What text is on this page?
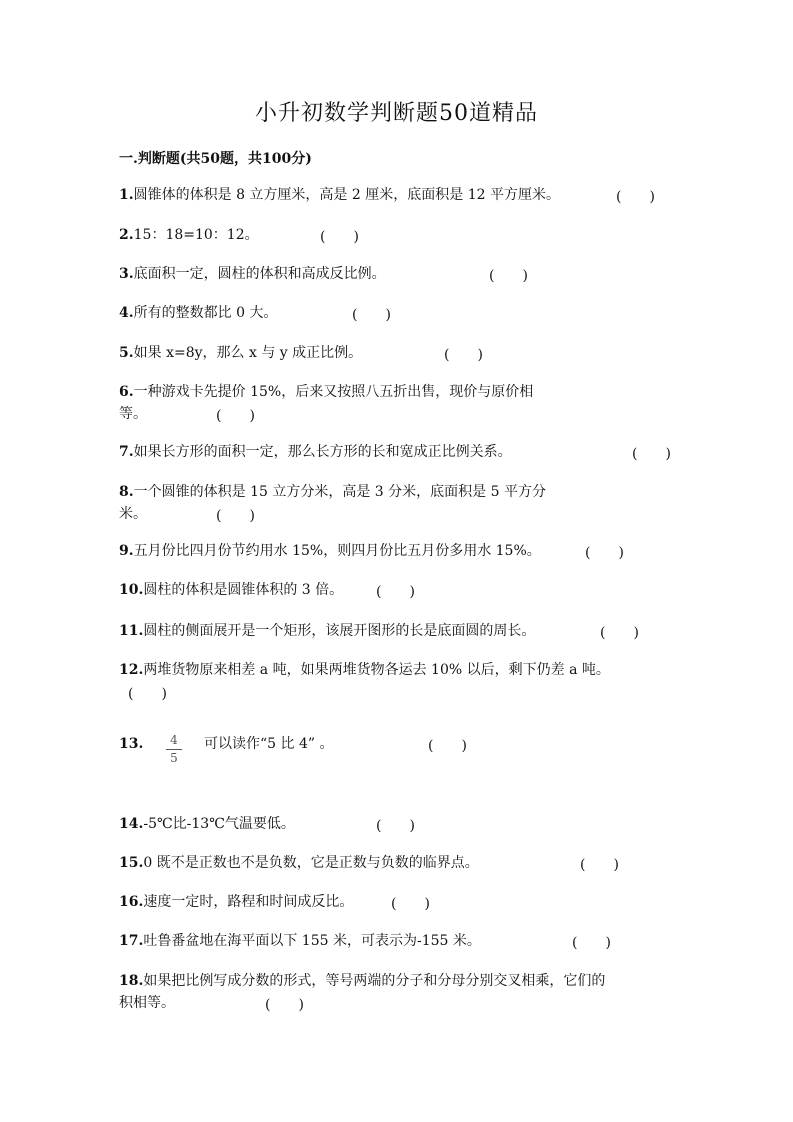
小升初数学判断题50道精品
一.判断题(共50题，共100分)
1.圆锥体的体积是 8 立方厘米，高是 2 厘米，底面积是 12 平方厘米。	(　　)
2.15：18=10：12。	(　　)
3.底面积一定，圆柱的体积和高成反比例。	(　　)
4.所有的整数都比 0 大。	(　　)
5.如果 x=8y，那么 x 与 y 成正比例。	(　　)
6.一种游戏卡先提价 15%，后来又按照八五折出售，现价与原价相
等。	(　　)
7.如果长方形的面积一定，那么长方形的长和宽成正比例关系。	(　　)
8.一个圆锥的体积是 15 立方分米，高是 3 分米，底面积是 5 平方分
米。	(　　)
9.五月份比四月份节约用水 15%，则四月份比五月份多用水 15%。	(　　)
10.圆柱的体积是圆锥体积的 3 倍。	(　　)
11.圆柱的侧面展开是一个矩形，该展开图形的长是底面圆的周长。	(　　)
12.两堆货物原来相差 a 吨，如果两堆货物各运去 10% 以后，剩下仍差 a 吨。
(　　)
13.	4
5
可以读作“5 比 4” 。	(　　)
14.-5℃比-13℃气温要低。	(　　)
15.0 既不是正数也不是负数，它是正数与负数的临界点。	(　　)
16.速度一定时，路程和时间成反比。	(　　)
17.吐鲁番盆地在海平面以下 155 米，可表示为-155 米。	(　　)
18.如果把比例写成分数的形式，等号两端的分子和分母分别交叉相乘，它们的
积相等。	(　　)
